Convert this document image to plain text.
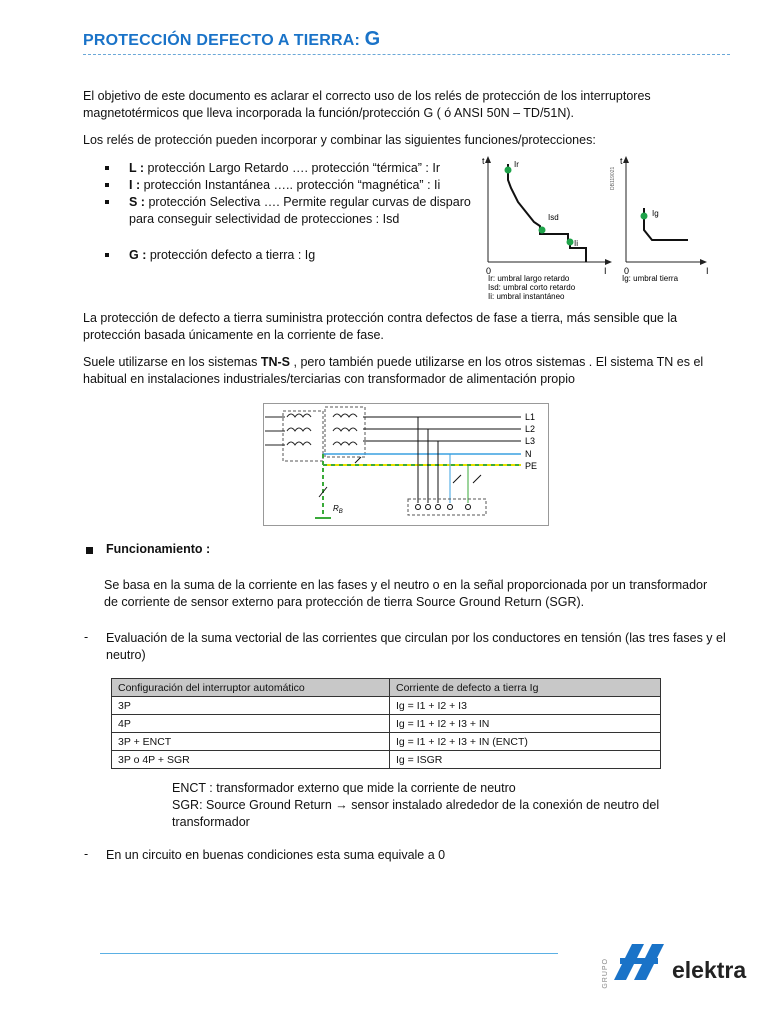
PROTECCIÓN DEFECTO A TIERRA: G

El objetivo de este documento es aclarar el correcto uso de los relés de protección de los interruptores magnetotérmicos que lleva incorporada la función/protección G ( ó ANSI 50N – TD/51N).

Los relés de protección pueden incorporar y combinar las siguientes funciones/protecciones:

L : protección Largo Retardo …. protección “térmica” : Ir
I : protección Instantánea ….. protección “magnética” : Ii
S : protección Selectiva …. Permite regular curvas de disparo para conseguir selectividad de protecciones : Isd
G : protección defecto a tierra : Ig
t
I
0
Ir
Isd
Ii
Ir: umbral largo retardo
Isd: umbral corto retardo
Ii: umbral instantáneo
DB119021
t
I
0
Ig
Ig: umbral tierra

La protección de defecto a tierra suministra protección contra defectos de fase a tierra, más sensible que la protección basada únicamente en la corriente de fase.

Suele utilizarse en los sistemas TN-S , pero también puede utilizarse en los otros sistemas . El sistema TN es el habitual en instalaciones industriales/terciarias con transformador de alimentación propio

$R_B$
L1
L2
L3
N
PE
Funcionamiento :

Se basa en la suma de la corriente en las fases y el neutro o en la señal proporcionada por un transformador de corriente de sensor externo para protección de tierra Source Ground Return (SGR).

- Evaluación de la suma vectorial de las corrientes que circulan por los conductores en tensión (las tres fases y el neutro)

Configuración del interruptor automático	Corriente de defecto a tierra Ig
3P	Ig = I1 + I2 + I3
4P	Ig = I1 + I2 + I3 + IN
3P + ENCT	Ig = I1 + I2 + I3 + IN (ENCT)
3P o 4P + SGR	Ig = ISGR

ENCT : transformador externo que mide la corriente de neutro

SGR: Source Ground Return → sensor instalado alrededor de la conexión de neutro del transformador

- En un circuito en buenas condiciones esta suma equivale a 0

GRUPO	elektra
